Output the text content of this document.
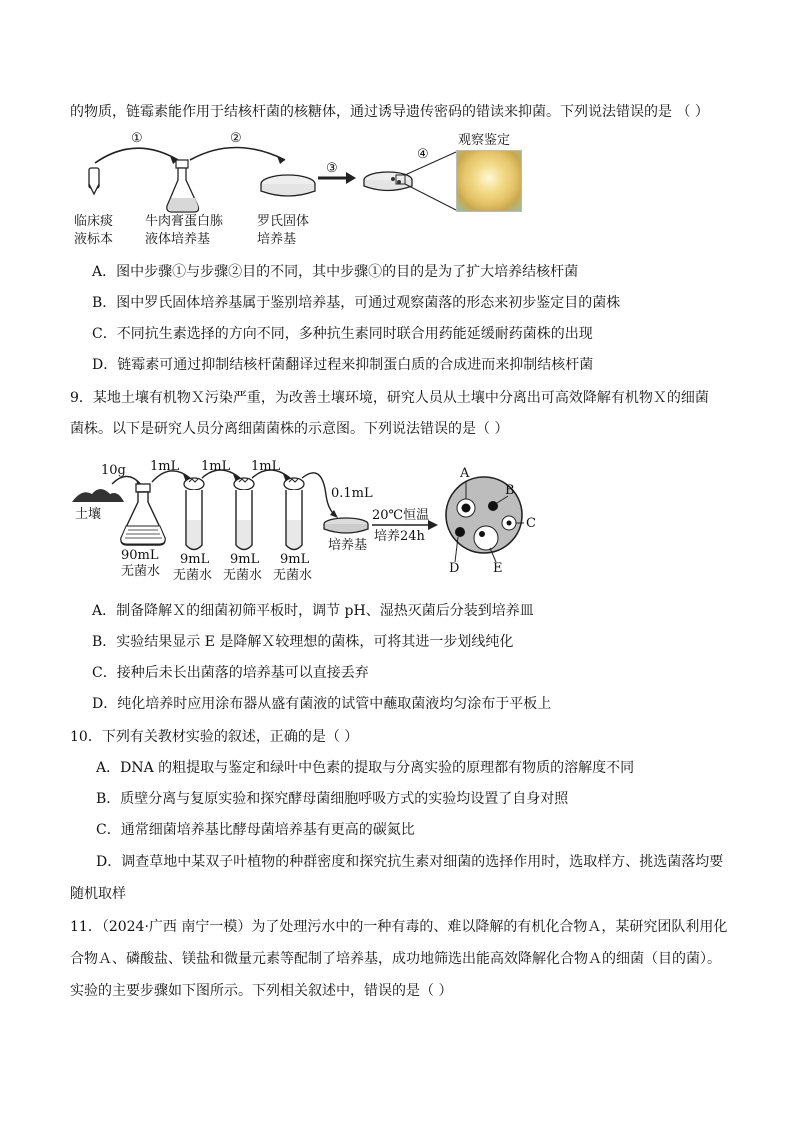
的物质，链霉素能作用于结核杆菌的核糖体，通过诱导遗传密码的错读来抑菌。下列说法错误的是 （ ）
①	②
③
④
观察鉴定
临床痰
液标本
牛肉膏蛋白胨
液体培养基
罗氏固体
培养基
A．图中步骤①与步骤②目的不同，其中步骤①的目的是为了扩大培养结核杆菌
B．图中罗氏固体培养基属于鉴别培养基，可通过观察菌落的形态来初步鉴定目的菌株
C．不同抗生素选择的方向不同，多种抗生素同时联合用药能延缓耐药菌株的出现
D．链霉素可通过抑制结核杆菌翻译过程来抑制蛋白质的合成进而来抑制结核杆菌
9．某地土壤有机物Ｘ污染严重，为改善土壤环境，研究人员从土壤中分离出可高效降解有机物Ｘ的细菌
菌株。以下是研究人员分离细菌菌株的示意图。下列说法错误的是（ ）
10g
土壤
1mL 1mL 1mL
0.1mL
90mL
无菌水
9mL
无菌水
9mL
无菌水
9mL
无菌水
培养基
20℃恒温
培养24h
A
B
C
D	E
A．制备降解Ｘ的细菌初筛平板时，调节 pH、湿热灭菌后分装到培养皿
B．实验结果显示 E 是降解Ｘ较理想的菌株，可将其进一步划线纯化
C．接种后未长出菌落的培养基可以直接丢弃
D．纯化培养时应用涂布器从盛有菌液的试管中蘸取菌液均匀涂布于平板上
10．下列有关教材实验的叙述，正确的是（ ）
A．DNA 的粗提取与鉴定和绿叶中色素的提取与分离实验的原理都有物质的溶解度不同
B．质壁分离与复原实验和探究酵母菌细胞呼吸方式的实验均设置了自身对照
C．通常细菌培养基比酵母菌培养基有更高的碳氮比
D．调查草地中某双子叶植物的种群密度和探究抗生素对细菌的选择作用时，选取样方、挑选菌落均要
随机取样
11．（2024·广西 南宁一模）为了处理污水中的一种有毒的、难以降解的有机化合物Ａ，某研究团队利用化
合物Ａ、磷酸盐、镁盐和微量元素等配制了培养基，成功地筛选出能高效降解化合物Ａ的细菌（目的菌）。
实验的主要步骤如下图所示。下列相关叙述中，错误的是（ ）
